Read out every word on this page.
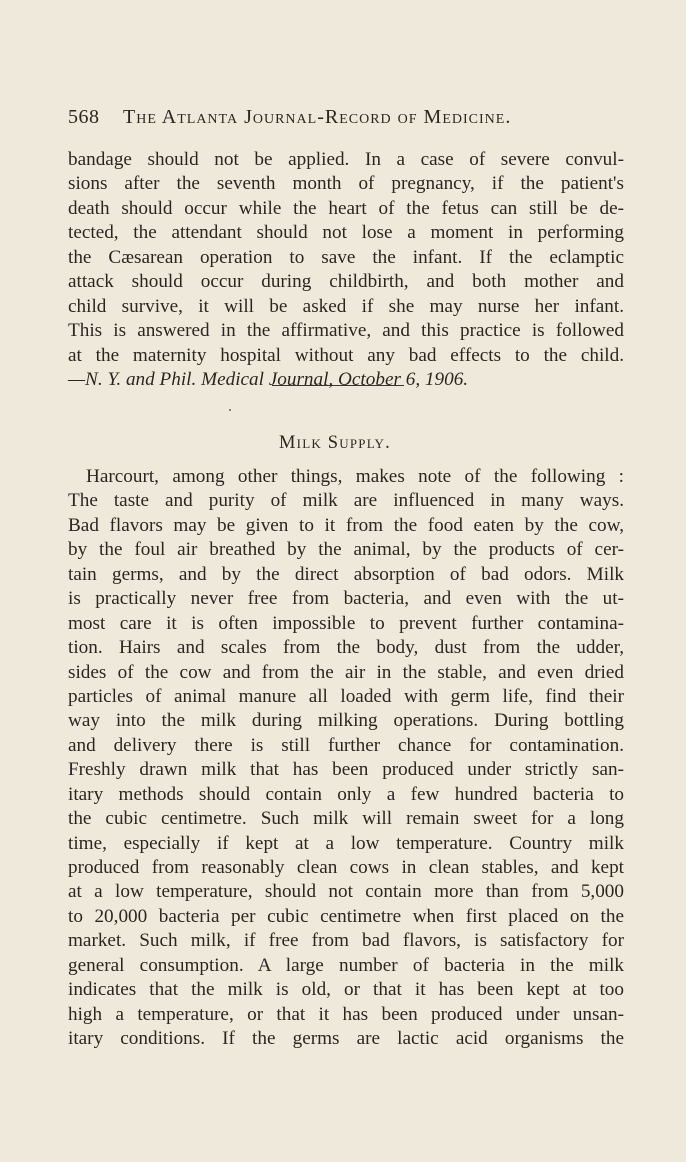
568 The Atlanta Journal-Record of Medicine.
bandage should not be applied. In a case of severe convul-
sions after the seventh month of pregnancy, if the patient's
death should occur while the heart of the fetus can still be de-
tected, the attendant should not lose a moment in performing
the Cæsarean operation to save the infant. If the eclamptic
attack should occur during childbirth, and both mother and
child survive, it will be asked if she may nurse her infant.
This is answered in the affirmative, and this practice is followed
at the maternity hospital without any bad effects to the child.
—N. Y. and Phil. Medical Journal, October 6, 1906.
Milk Supply.
Harcourt, among other things, makes note of the following :
The taste and purity of milk are influenced in many ways.
Bad flavors may be given to it from the food eaten by the cow,
by the foul air breathed by the animal, by the products of cer-
tain germs, and by the direct absorption of bad odors. Milk
is practically never free from bacteria, and even with the ut-
most care it is often impossible to prevent further contamina-
tion. Hairs and scales from the body, dust from the udder,
sides of the cow and from the air in the stable, and even dried
particles of animal manure all loaded with germ life, find their
way into the milk during milking operations. During bottling
and delivery there is still further chance for contamination.
Freshly drawn milk that has been produced under strictly san-
itary methods should contain only a few hundred bacteria to
the cubic centimetre. Such milk will remain sweet for a long
time, especially if kept at a low temperature. Country milk
produced from reasonably clean cows in clean stables, and kept
at a low temperature, should not contain more than from 5,000
to 20,000 bacteria per cubic centimetre when first placed on the
market. Such milk, if free from bad flavors, is satisfactory for
general consumption. A large number of bacteria in the milk
indicates that the milk is old, or that it has been kept at too
high a temperature, or that it has been produced under unsan-
itary conditions. If the germs are lactic acid organisms the
